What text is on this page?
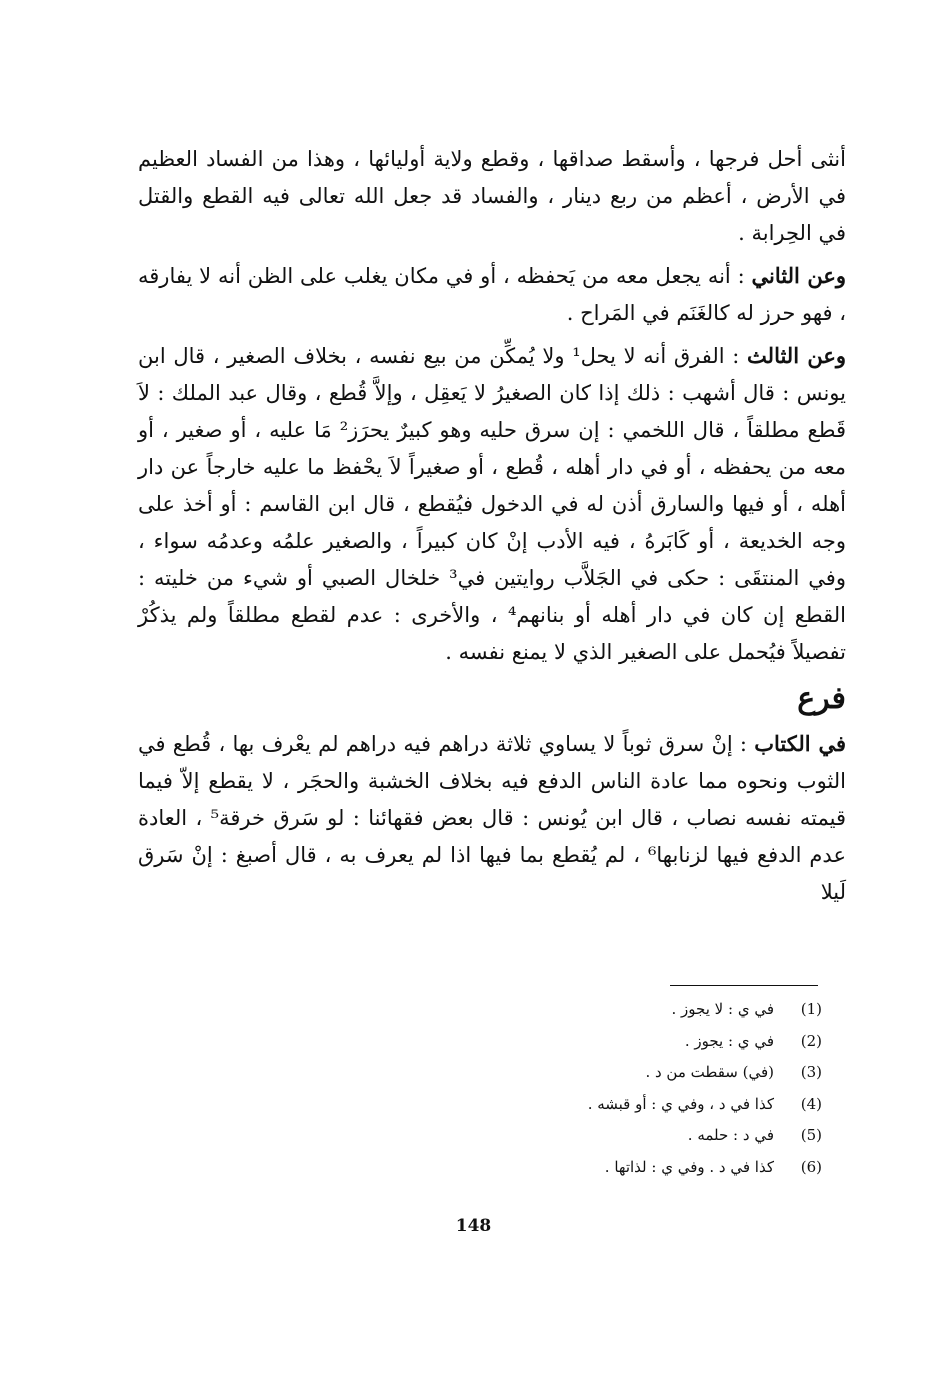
أنثى أحل فرجها ، وأسقط صداقها ، وقطع ولاية أوليائها ، وهذا من الفساد العظيم في الأرض ، أعظم من ربع دينار ، والفساد قد جعل الله تعالى فيه القطع والقتل في الحِرابة .

وعن الثاني : أنه يجعل معه من يَحفظه ، أو في مكان يغلب على الظن أنه لا يفارقه ، فهو حرز له كالغَنَم في المَراح .

وعن الثالث : الفرق أنه لا يحل¹ ولا يُمكِّن من بيع نفسه ، بخلاف الصغير ، قال ابن يونس : قال أشهب : ذلك إذا كان الصغيرُ لا يَعقِل ، وإلاَّ قُطع ، وقال عبد الملك : لاَ قَطع مطلقاً ، قال اللخمي : إن سرق حليه وهو كبيرٌ يحرَز² مَا عليه ، أو صغير ، أو معه من يحفظه ، أو في دار أهله ، قُطع ، أو صغيراً لاَ يحْفظ ما عليه خارجاً عن دار أهله ، أو فيها والسارق أذن له في الدخول فيُقطع ، قال ابن القاسم : أو أخذ على وجه الخديعة ، أو كَابَرهُ ، فيه الأدب إنْ كان كبيراً ، والصغير علمُه وعدمُه سواء ، وفي المنتقَى : حكى في الجَلاَّب روايتين في³ خلخال الصبي أو شيء من خليته : القطع إن كان في دار أهله أو بنانهم⁴ ، والأخرى : عدم لقطع مطلقاً ولم يذكُرْ تفصيلاً فيُحمل على الصغير الذي لا يمنع نفسه .

فرع

في الكتاب : إنْ سرق ثوباً لا يساوي ثلاثة دراهم فيه دراهم لم يعْرف بها ، قُطع في الثوب ونحوه مما عادة الناس الدفع فيه بخلاف الخشبة والحجَر ، لا يقطع إلاّ فيما قيمته نفسه نصاب ، قال ابن يُونس : قال بعض فقهائنا : لو سَرق خرقة⁵ ، العادة عدم الدفع فيها لزنابها⁶ ، لم يُقطع بما فيها اذا لم يعرف به ، قال أصبغ : إنْ سَرق لَيلا

(1)
في ي : لا يجوز .
(2)
في ي : يجوز .
(3)
(في) سقطت من د .
(4)
كذا في د ، وفي ي : أو قبشه .
(5)
في د : حلمه .
(6)
كذا في د . وفي ي : لذاتها .
148
